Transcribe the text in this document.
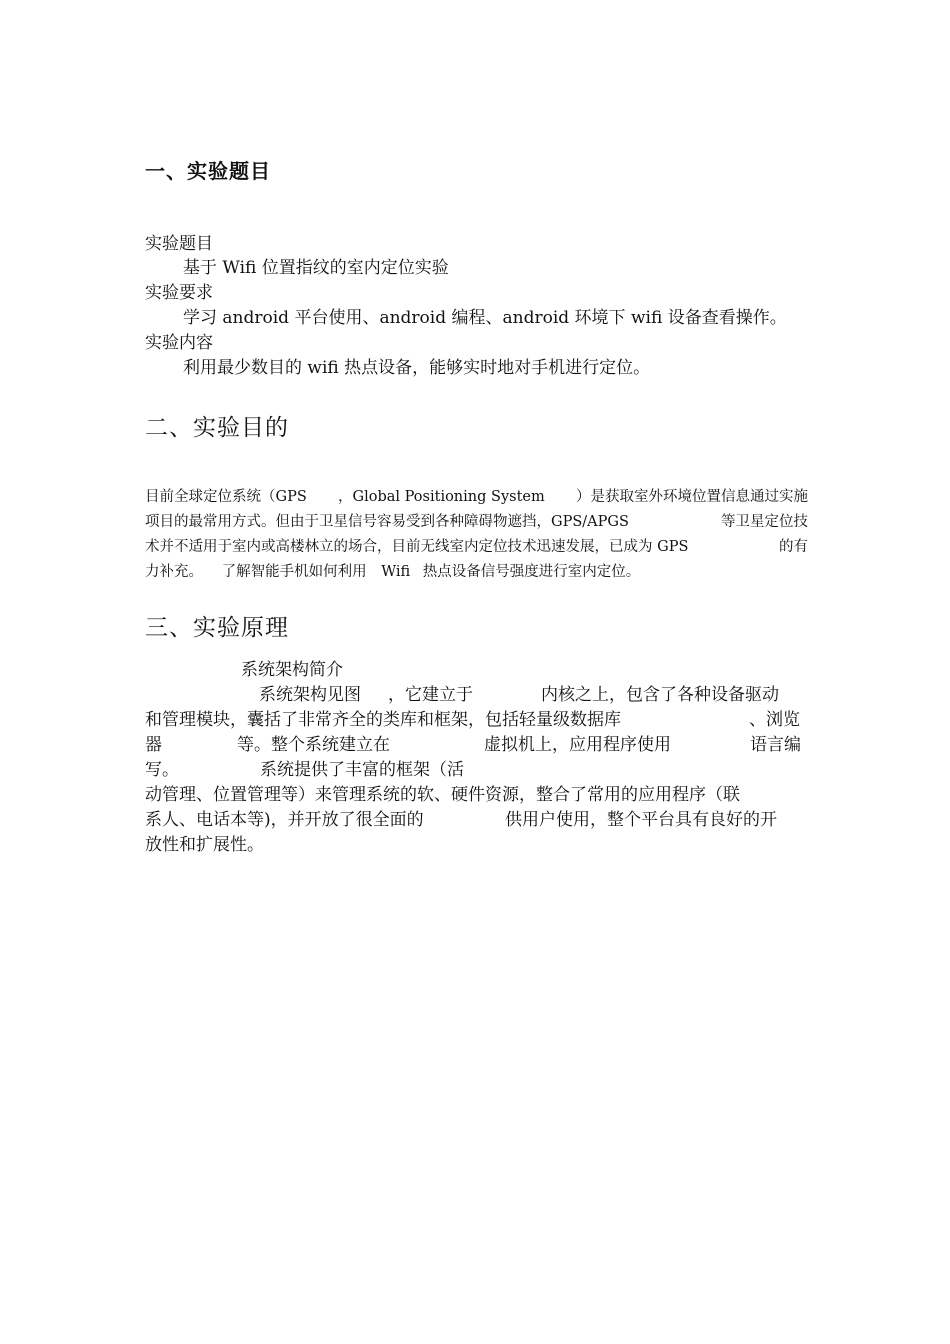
一、实验题目
实验题目
基于 Wifi 位置指纹的室内定位实验
实验要求
学习 android 平台使用、android 编程、android 环境下 wifi 设备查看操作。
实验内容
利用最少数目的 wifi 热点设备，能够实时地对手机进行定位。
二、实验目的
目前全球定位系统（GPS ，Global Positioning System ）是获取室外环境位置信息通过实施
项目的最常用方式。但由于卫星信号容易受到各种障碍物遮挡，GPS/APGS	等卫星定位技
术并不适用于室内或高楼林立的场合，目前无线室内定位技术迅速发展，已成为 GPS	的有
力补充。 了解智能手机如何利用 Wifi 热点设备信号强度进行室内定位。
三、实验原理
系统架构简介
系统架构见图 ，它建立于	内核之上，包含了各种设备驱动
和管理模块，囊括了非常齐全的类库和框架，包括轻量级数据库	、浏览
器	等。整个系统建立在	虚拟机上，应用程序使用	语言编
写。	系统提供了丰富的框架（活
动管理、位置管理等）来管理系统的软、硬件资源，整合了常用的应用程序（联
系人、电话本等)，并开放了很全面的	供用户使用，整个平台具有良好的开
放性和扩展性。
